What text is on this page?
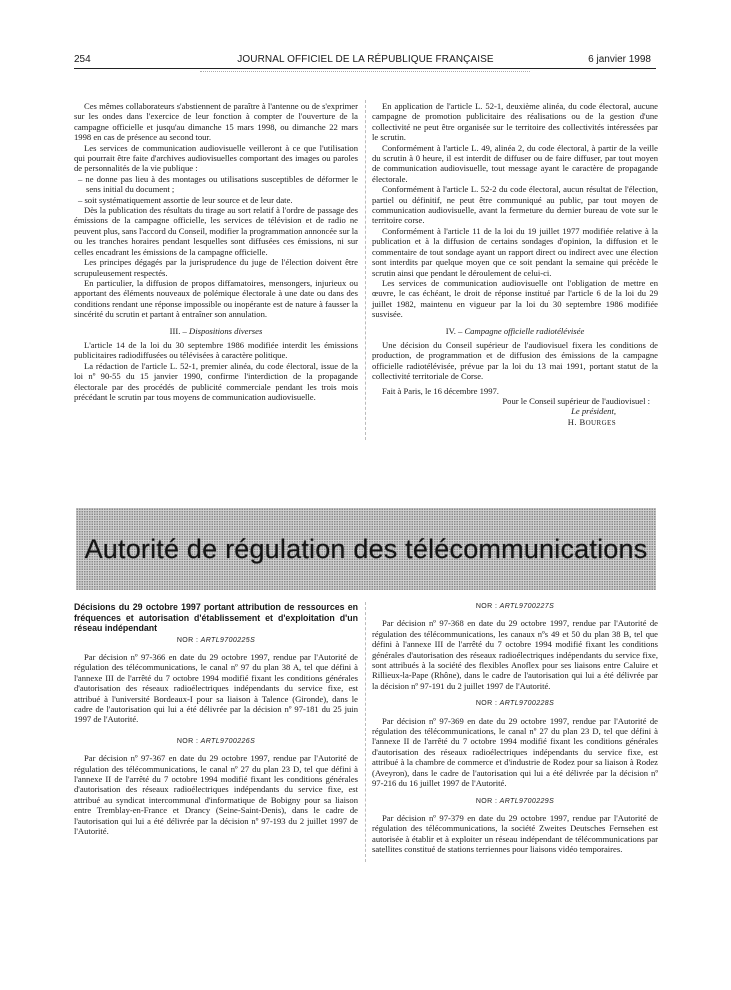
254	JOURNAL OFFICIEL DE LA RÉPUBLIQUE FRANÇAISE	6 janvier 1998

Ces mêmes collaborateurs s'abstiennent de paraître à l'antenne ou de s'exprimer sur les ondes dans l'exercice de leur fonction à compter de l'ouverture de la campagne officielle et jusqu'au dimanche 15 mars 1998, ou dimanche 22 mars 1998 en cas de présence au second tour.

Les services de communication audiovisuelle veilleront à ce que l'utilisation qui pourrait être faite d'archives audiovisuelles comportant des images ou paroles de personnalités de la vie publique :

– ne donne pas lieu à des montages ou utilisations susceptibles de déformer le sens initial du document ;

– soit systématiquement assortie de leur source et de leur date.

Dès la publication des résultats du tirage au sort relatif à l'ordre de passage des émissions de la campagne officielle, les services de télévision et de radio ne peuvent plus, sans l'accord du Conseil, modifier la programmation annoncée sur la ou les tranches horaires pendant lesquelles sont diffusées ces émissions, ni sur celles encadrant les émissions de la campagne officielle.

Les principes dégagés par la jurisprudence du juge de l'élection doivent être scrupuleusement respectés.

En particulier, la diffusion de propos diffamatoires, mensongers, injurieux ou apportant des éléments nouveaux de polémique électorale à une date ou dans des conditions rendant une réponse impossible ou inopérante est de nature à fausser la sincérité du scrutin et partant à entraîner son annulation.

III. – Dispositions diverses

L'article 14 de la loi du 30 septembre 1986 modifiée interdit les émissions publicitaires radiodiffusées ou télévisées à caractère politique.

La rédaction de l'article L. 52-1, premier alinéa, du code électoral, issue de la loi nº 90-55 du 15 janvier 1990, confirme l'interdiction de la propagande électorale par des procédés de publicité commerciale pendant les trois mois précédant le scrutin par tous moyens de communication audiovisuelle.

En application de l'article L. 52-1, deuxième alinéa, du code électoral, aucune campagne de promotion publicitaire des réalisations ou de la gestion d'une collectivité ne peut être organisée sur le territoire des collectivités intéressées par le scrutin.

Conformément à l'article L. 49, alinéa 2, du code électoral, à partir de la veille du scrutin à 0 heure, il est interdit de diffuser ou de faire diffuser, par tout moyen de communication audiovisuelle, tout message ayant le caractère de propagande électorale.

Conformément à l'article L. 52-2 du code électoral, aucun résultat de l'élection, partiel ou définitif, ne peut être communiqué au public, par tout moyen de communication audiovisuelle, avant la fermeture du dernier bureau de vote sur le territoire corse.

Conformément à l'article 11 de la loi du 19 juillet 1977 modifiée relative à la publication et à la diffusion de certains sondages d'opinion, la diffusion et le commentaire de tout sondage ayant un rapport direct ou indirect avec une élection sont interdits par quelque moyen que ce soit pendant la semaine qui précède le scrutin ainsi que pendant le déroulement de celui-ci.

Les services de communication audiovisuelle ont l'obligation de mettre en œuvre, le cas échéant, le droit de réponse institué par l'article 6 de la loi du 29 juillet 1982, maintenu en vigueur par la loi du 30 septembre 1986 modifiée susvisée.

IV. – Campagne officielle radiotélévisée

Une décision du Conseil supérieur de l'audiovisuel fixera les conditions de production, de programmation et de diffusion des émissions de la campagne officielle radiotélévisée, prévue par la loi du 13 mai 1991, portant statut de la collectivité territoriale de Corse.

Fait à Paris, le 16 décembre 1997.

Pour le Conseil supérieur de l'audiovisuel :

Le président,

H. BOURGES

Autorité de régulation des télécommunications
Décisions du 29 octobre 1997 portant attribution de ressources en fréquences et autorisation d'établissement et d'exploitation d'un réseau indépendant
NOR : ARTL9700225S

Par décision nº 97-366 en date du 29 octobre 1997, rendue par l'Autorité de régulation des télécommunications, le canal nº 97 du plan 38 A, tel que défini à l'annexe III de l'arrêté du 7 octobre 1994 modifié fixant les conditions générales d'autorisation des réseaux radioélectriques indépendants du service fixe, est attribué à l'université Bordeaux-I pour sa liaison à Talence (Gironde), dans le cadre de l'autorisation qui lui a été délivrée par la décision nº 97-181 du 25 juin 1997 de l'Autorité.

NOR : ARTL9700226S

Par décision nº 97-367 en date du 29 octobre 1997, rendue par l'Autorité de régulation des télécommunications, le canal nº 27 du plan 23 D, tel que défini à l'annexe II de l'arrêté du 7 octobre 1994 modifié fixant les conditions générales d'autorisation des réseaux radioélectriques indépendants du service fixe, est attribué au syndicat intercommunal d'informatique de Bobigny pour sa liaison entre Tremblay-en-France et Drancy (Seine-Saint-Denis), dans le cadre de l'autorisation qui lui a été délivrée par la décision nº 97-193 du 2 juillet 1997 de l'Autorité.

NOR : ARTL9700227S

Par décision nº 97-368 en date du 29 octobre 1997, rendue par l'Autorité de régulation des télécommunications, les canaux nºs 49 et 50 du plan 38 B, tel que défini à l'annexe III de l'arrêté du 7 octobre 1994 modifié fixant les conditions générales d'autorisation des réseaux radioélectriques indépendants du service fixe, sont attribués à la société des flexibles Anoflex pour ses liaisons entre Caluire et Rillieux-la-Pape (Rhône), dans le cadre de l'autorisation qui lui a été délivrée par la décision nº 97-191 du 2 juillet 1997 de l'Autorité.

NOR : ARTL9700228S

Par décision nº 97-369 en date du 29 octobre 1997, rendue par l'Autorité de régulation des télécommunications, le canal nº 27 du plan 23 D, tel que défini à l'annexe II de l'arrêté du 7 octobre 1994 modifié fixant les conditions générales d'autorisation des réseaux radioélectriques indépendants du service fixe, est attribué à la chambre de commerce et d'industrie de Rodez pour sa liaison à Rodez (Aveyron), dans le cadre de l'autorisation qui lui a été délivrée par la décision nº 97-216 du 16 juillet 1997 de l'Autorité.

NOR : ARTL9700229S

Par décision nº 97-379 en date du 29 octobre 1997, rendue par l'Autorité de régulation des télécommunications, la société Zweites Deutsches Fernsehen est autorisée à établir et à exploiter un réseau indépendant de télécommunications par satellites constitué de stations terriennes pour liaisons vidéo temporaires.
